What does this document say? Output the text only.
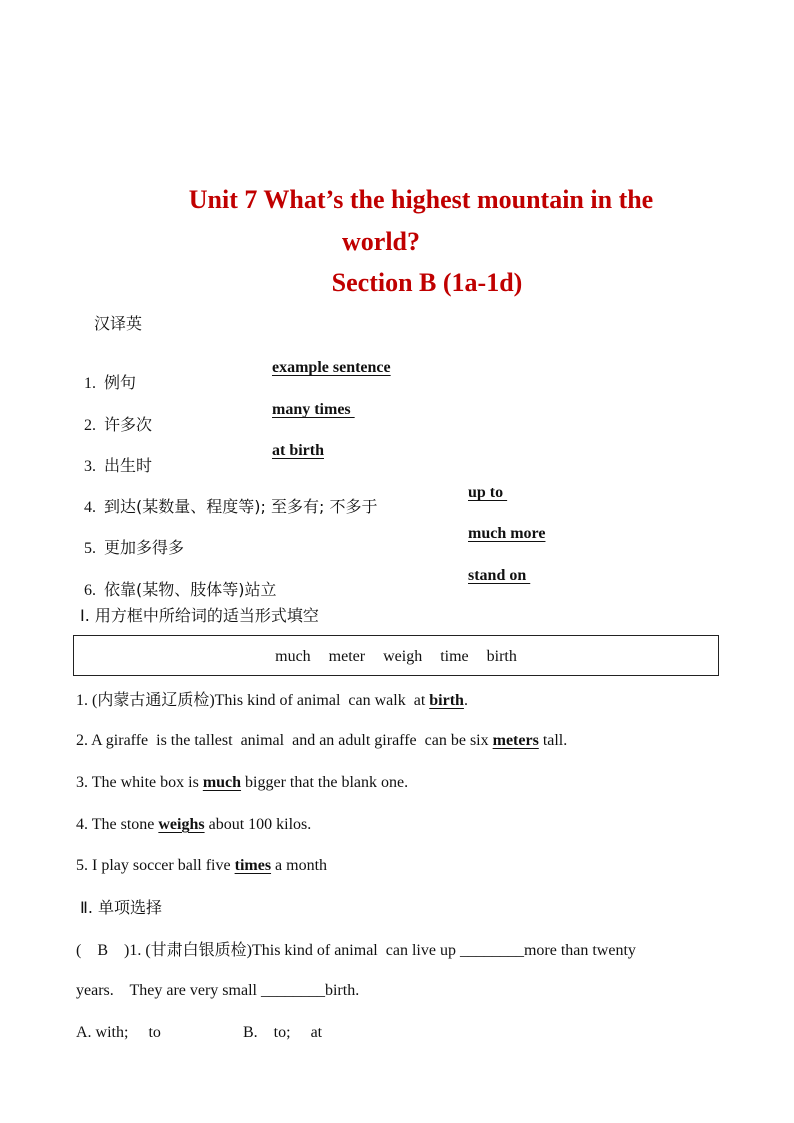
Unit 7 What’s the highest mountain in the
world?
Section B (1a-1d)
汉译英

1. 例句

example sentence

2. 许多次

many times

3. 出生时

at birth

4. 到达(某数量、程度等); 至多有; 不多于

up to

5. 更加多得多

much more

6. 依靠(某物、肢体等)站立

stand on
Ⅰ. 用方框中所给词的适当形式填空
much meter weigh time birth
1. (内蒙古通辽质检)This kind of animal  can walk  at birth.
2. A giraffe  is the tallest  animal  and an adult giraffe  can be six meters tall.
3. The white box is much bigger that the blank one.
4. The stone weighs about 100 kilos.
5. I play soccer ball five times a month
Ⅱ. 单项选择
(    B    )1. (甘肃白银质检)This kind of animal  can live up ________more than twenty
years.    They are very small ________birth.
A. with;     to	B.    to;     at
